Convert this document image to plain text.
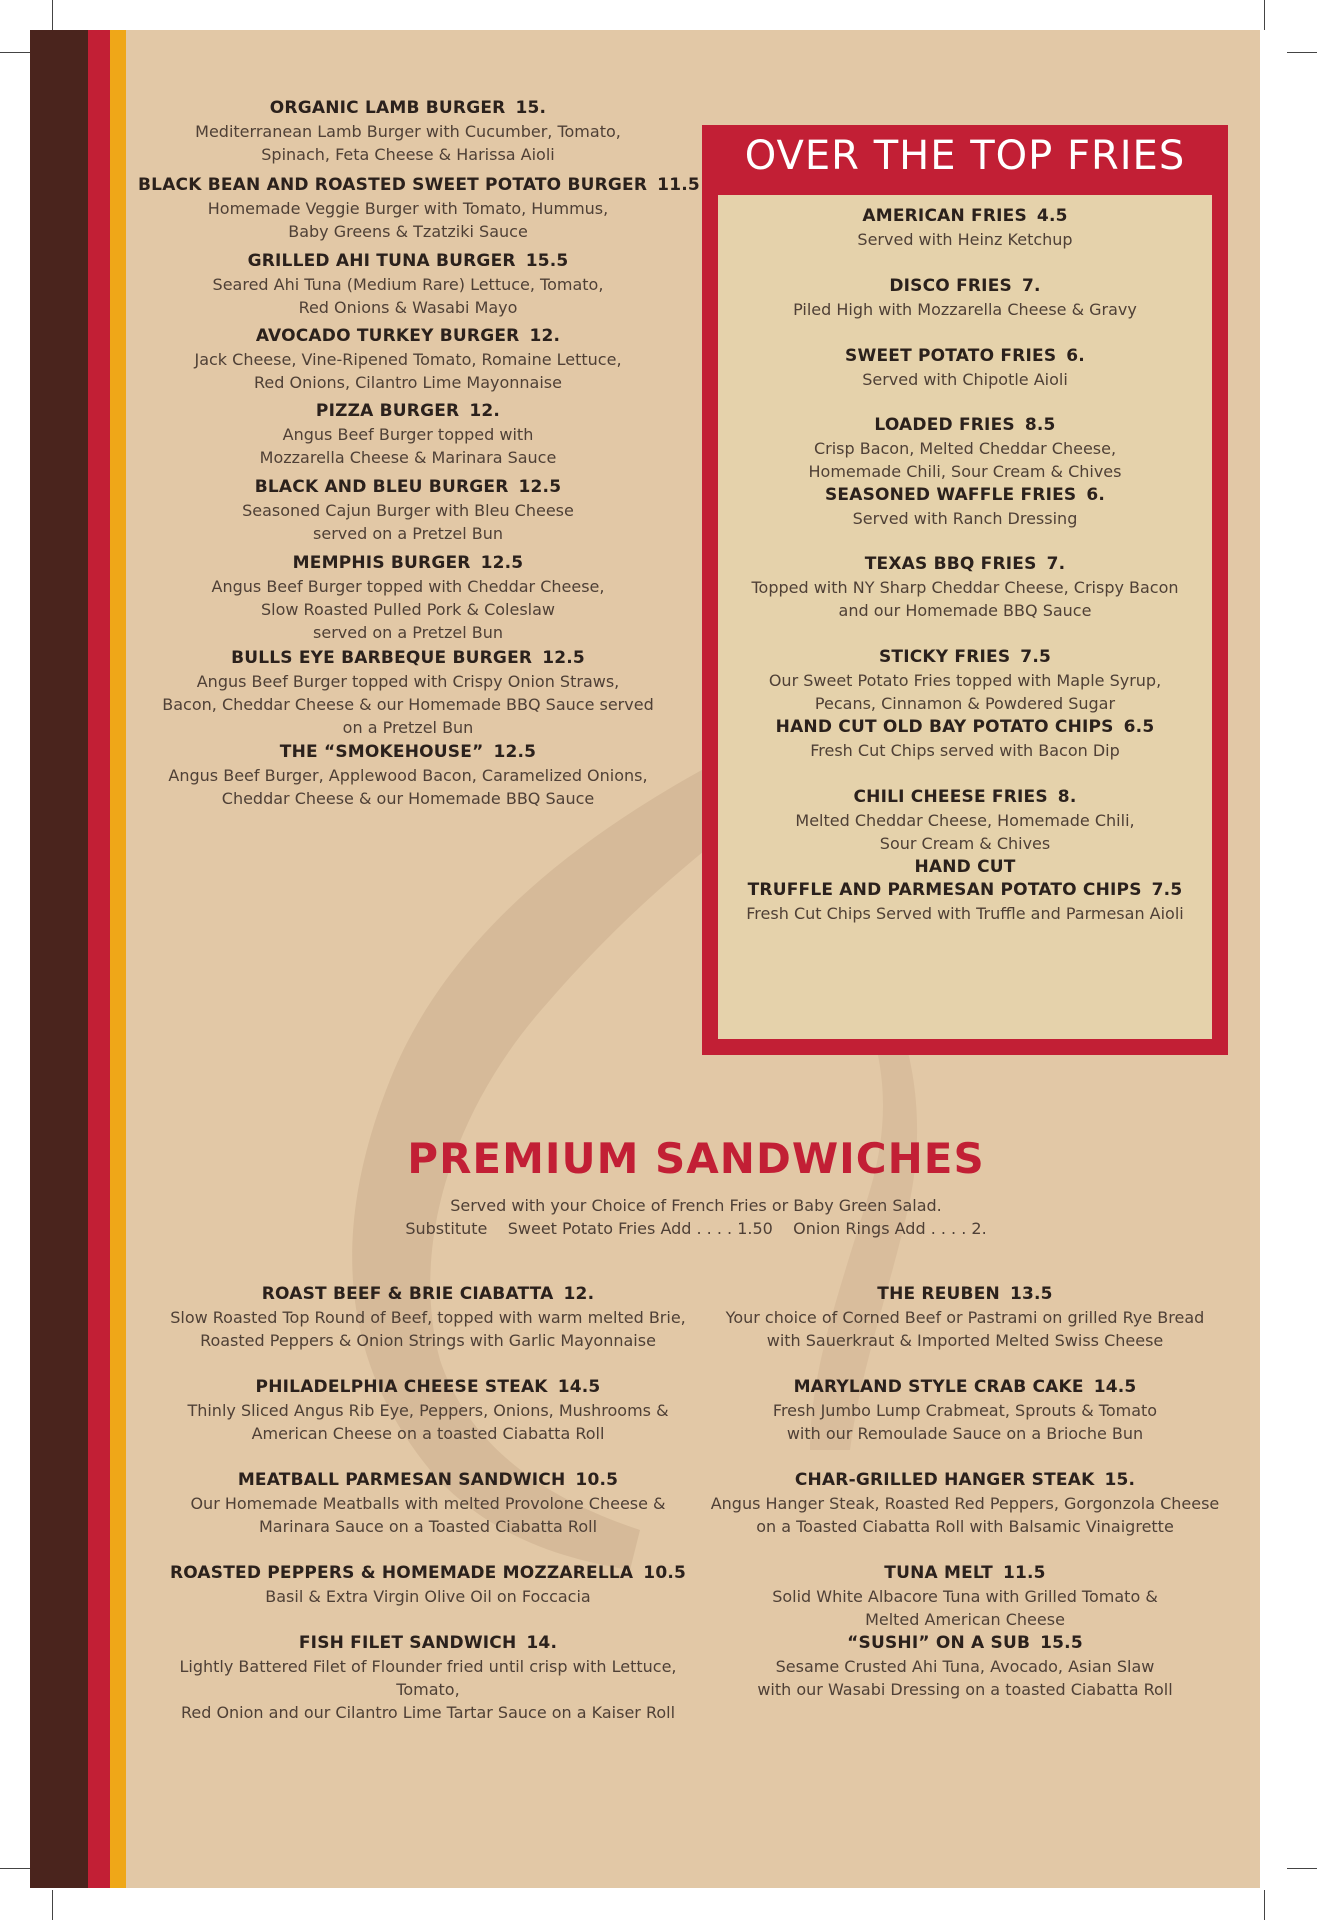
ORGANIC LAMB BURGER 15.
Mediterranean Lamb Burger with Cucumber, Tomato,
Spinach, Feta Cheese & Harissa Aioli
BLACK BEAN AND ROASTED SWEET POTATO BURGER 11.5
Homemade Veggie Burger with Tomato, Hummus,
Baby Greens & Tzatziki Sauce
GRILLED AHI TUNA BURGER 15.5
Seared Ahi Tuna (Medium Rare) Lettuce, Tomato,
Red Onions & Wasabi Mayo
AVOCADO TURKEY BURGER 12.
Jack Cheese, Vine-Ripened Tomato, Romaine Lettuce,
Red Onions, Cilantro Lime Mayonnaise
PIZZA BURGER 12.
Angus Beef Burger topped with
Mozzarella Cheese & Marinara Sauce
BLACK AND BLEU BURGER 12.5
Seasoned Cajun Burger with Bleu Cheese
served on a Pretzel Bun
MEMPHIS BURGER 12.5
Angus Beef Burger topped with Cheddar Cheese,
Slow Roasted Pulled Pork & Coleslaw
served on a Pretzel Bun
BULLS EYE BARBEQUE BURGER 12.5
Angus Beef Burger topped with Crispy Onion Straws,
Bacon, Cheddar Cheese & our Homemade BBQ Sauce served
on a Pretzel Bun
THE “SMOKEHOUSE” 12.5
Angus Beef Burger, Applewood Bacon, Caramelized Onions,
Cheddar Cheese & our Homemade BBQ Sauce
OVER THE TOP FRIES
AMERICAN FRIES 4.5
Served with Heinz Ketchup
DISCO FRIES 7.
Piled High with Mozzarella Cheese & Gravy
SWEET POTATO FRIES 6.
Served with Chipotle Aioli
LOADED FRIES 8.5
Crisp Bacon, Melted Cheddar Cheese,
Homemade Chili, Sour Cream & Chives
SEASONED WAFFLE FRIES 6.
Served with Ranch Dressing
TEXAS BBQ FRIES 7.
Topped with NY Sharp Cheddar Cheese, Crispy Bacon
and our Homemade BBQ Sauce
STICKY FRIES 7.5
Our Sweet Potato Fries topped with Maple Syrup,
Pecans, Cinnamon & Powdered Sugar
HAND CUT OLD BAY POTATO CHIPS 6.5
Fresh Cut Chips served with Bacon Dip
CHILI CHEESE FRIES 8.
Melted Cheddar Cheese, Homemade Chili,
Sour Cream & Chives
HAND CUT
TRUFFLE AND PARMESAN POTATO CHIPS 7.5
Fresh Cut Chips Served with Truffle and Parmesan Aioli
PREMIUM SANDWICHES
Served with your Choice of French Fries or Baby Green Salad.
Substitute    Sweet Potato Fries Add . . . . 1.50    Onion Rings Add . . . . 2.
ROAST BEEF & BRIE CIABATTA 12.
Slow Roasted Top Round of Beef, topped with warm melted Brie,
Roasted Peppers & Onion Strings with Garlic Mayonnaise
PHILADELPHIA CHEESE STEAK 14.5
Thinly Sliced Angus Rib Eye, Peppers, Onions, Mushrooms &
American Cheese on a toasted Ciabatta Roll
MEATBALL PARMESAN SANDWICH 10.5
Our Homemade Meatballs with melted Provolone Cheese &
Marinara Sauce on a Toasted Ciabatta Roll
ROASTED PEPPERS & HOMEMADE MOZZARELLA 10.5
Basil & Extra Virgin Olive Oil on Foccacia
FISH FILET SANDWICH 14.
Lightly Battered Filet of Flounder fried until crisp with Lettuce, Tomato,
Red Onion and our Cilantro Lime Tartar Sauce on a Kaiser Roll
THE REUBEN 13.5
Your choice of Corned Beef or Pastrami on grilled Rye Bread
with Sauerkraut & Imported Melted Swiss Cheese
MARYLAND STYLE CRAB CAKE 14.5
Fresh Jumbo Lump Crabmeat, Sprouts & Tomato
with our Remoulade Sauce on a Brioche Bun
CHAR-GRILLED HANGER STEAK 15.
Angus Hanger Steak, Roasted Red Peppers, Gorgonzola Cheese
on a Toasted Ciabatta Roll with Balsamic Vinaigrette
TUNA MELT 11.5
Solid White Albacore Tuna with Grilled Tomato &
Melted American Cheese
“SUSHI” ON A SUB 15.5
Sesame Crusted Ahi Tuna, Avocado, Asian Slaw
with our Wasabi Dressing on a toasted Ciabatta Roll
